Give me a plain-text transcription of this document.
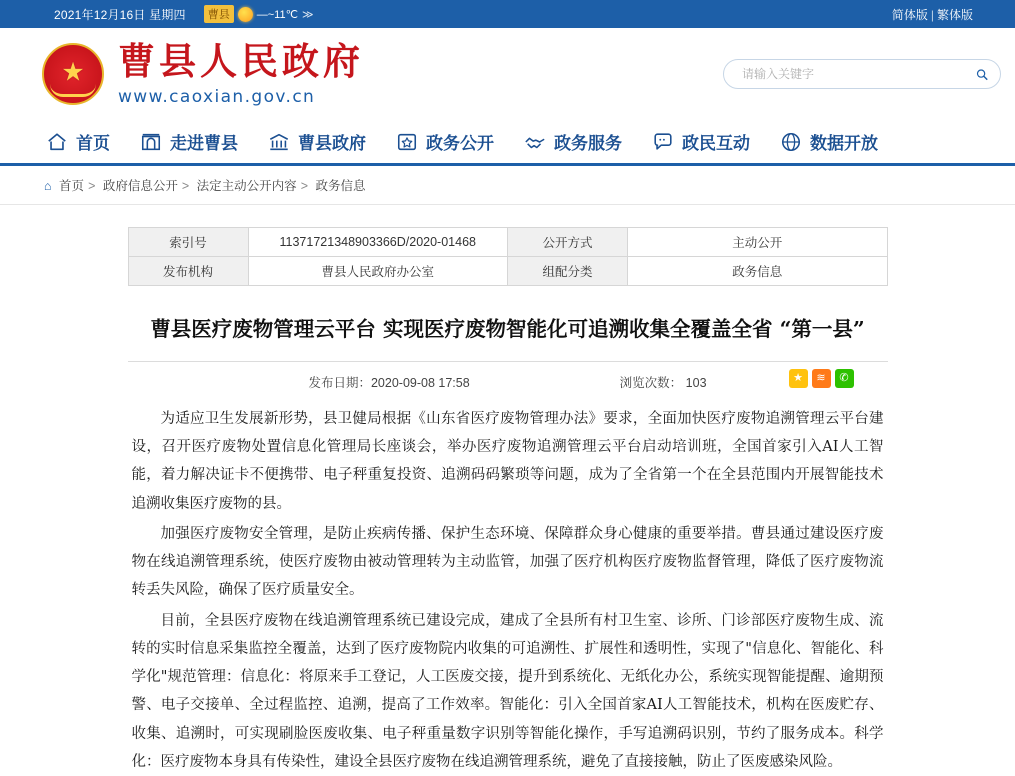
2021年12月16日 星期四	曹县	—~11℃ ≫	简体版 | 繁体版
★
曹县人民政府
www.caoxian.gov.cn
请输入关键字
首页	走进曹县	曹县政府	政务公开	政务服务	政民互动	数据开放
⌂ 首页 > 政府信息公开 > 法定主动公开内容 > 政务信息
索引号	11371721348903366D/2020-01468	公开方式	主动公开
发布机构	曹县人民政府办公室	组配分类	政务信息
曹县医疗废物管理云平台 实现医疗废物智能化可追溯收集全覆盖全省 “第一县”
发布日期：2020-09-08 17:58	浏览次数： 103	★	≋	✆

为适应卫生发展新形势，县卫健局根据《山东省医疗废物管理办法》要求，全面加快医疗废物追溯管理云平台建设，召开医疗废物处置信息化管理局长座谈会，举办医疗废物追溯管理云平台启动培训班，全国首家引入AI人工智能，着力解决证卡不便携带、电子秤重复投资、追溯码码繁琐等问题，成为了全省第一个在全县范围内开展智能技术追溯收集医疗废物的县。

加强医疗废物安全管理，是防止疾病传播、保护生态环境、保障群众身心健康的重要举措。曹县通过建设医疗废物在线追溯管理系统，使医疗废物由被动管理转为主动监管，加强了医疗机构医疗废物监督管理，降低了医疗废物流转丢失风险，确保了医疗质量安全。

目前，全县医疗废物在线追溯管理系统已建设完成，建成了全县所有村卫生室、诊所、门诊部医疗废物生成、流转的实时信息采集监控全覆盖，达到了医疗废物院内收集的可追溯性、扩展性和透明性，实现了"信息化、智能化、科学化"规范管理：信息化：将原来手工登记，人工医废交接，提升到系统化、无纸化办公，系统实现智能提醒、逾期预警、电子交接单、全过程监控、追溯，提高了工作效率。智能化：引入全国首家AI人工智能技术，机构在医废贮存、收集、追溯时，可实现刷脸医废收集、电子秤重量数字识别等智能化操作，手写追溯码识别，节约了服务成本。科学化：医疗废物本身具有传染性，建设全县医疗废物在线追溯管理系统，避免了直接接触，防止了医废感染风险。
